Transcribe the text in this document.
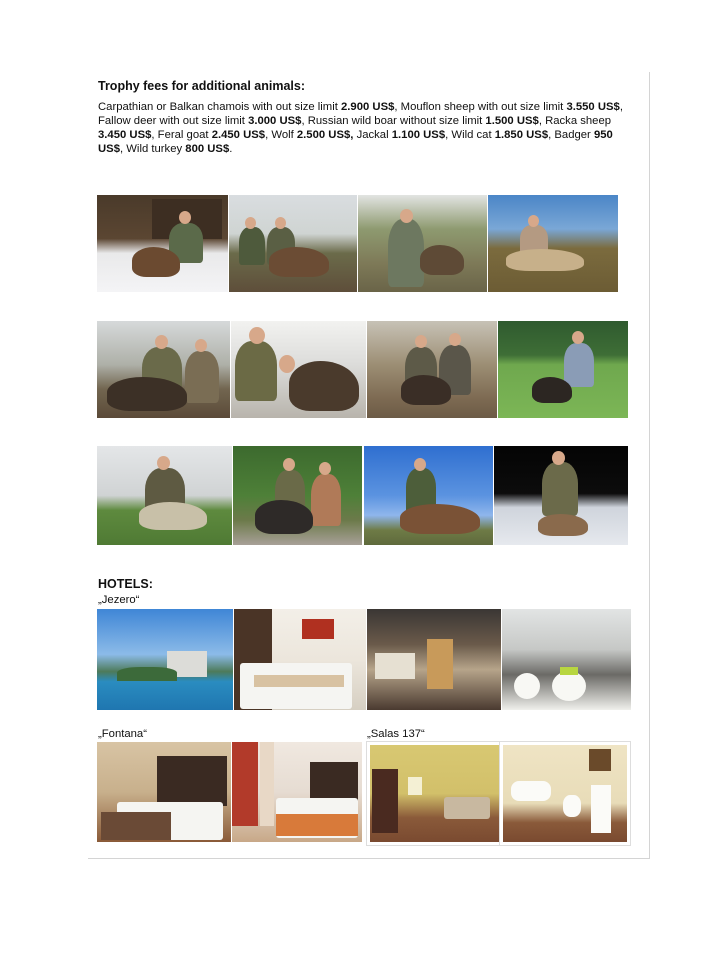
Trophy fees for additional animals:

Carpathian or Balkan chamois with out size limit 2.900 US$, Mouflon sheep with out size limit 3.550 US$, Fallow deer with out size limit 3.000 US$, Russian wild boar without size limit 1.500 US$, Racka sheep 3.450 US$, Feral goat 2.450 US$, Wolf 2.500 US$, Jackal 1.100 US$, Wild cat 1.850 US$, Badger 950 US$, Wild turkey 800 US$.

HOTELS:

„Jezero“

„Fontana“	„Salas 137“
